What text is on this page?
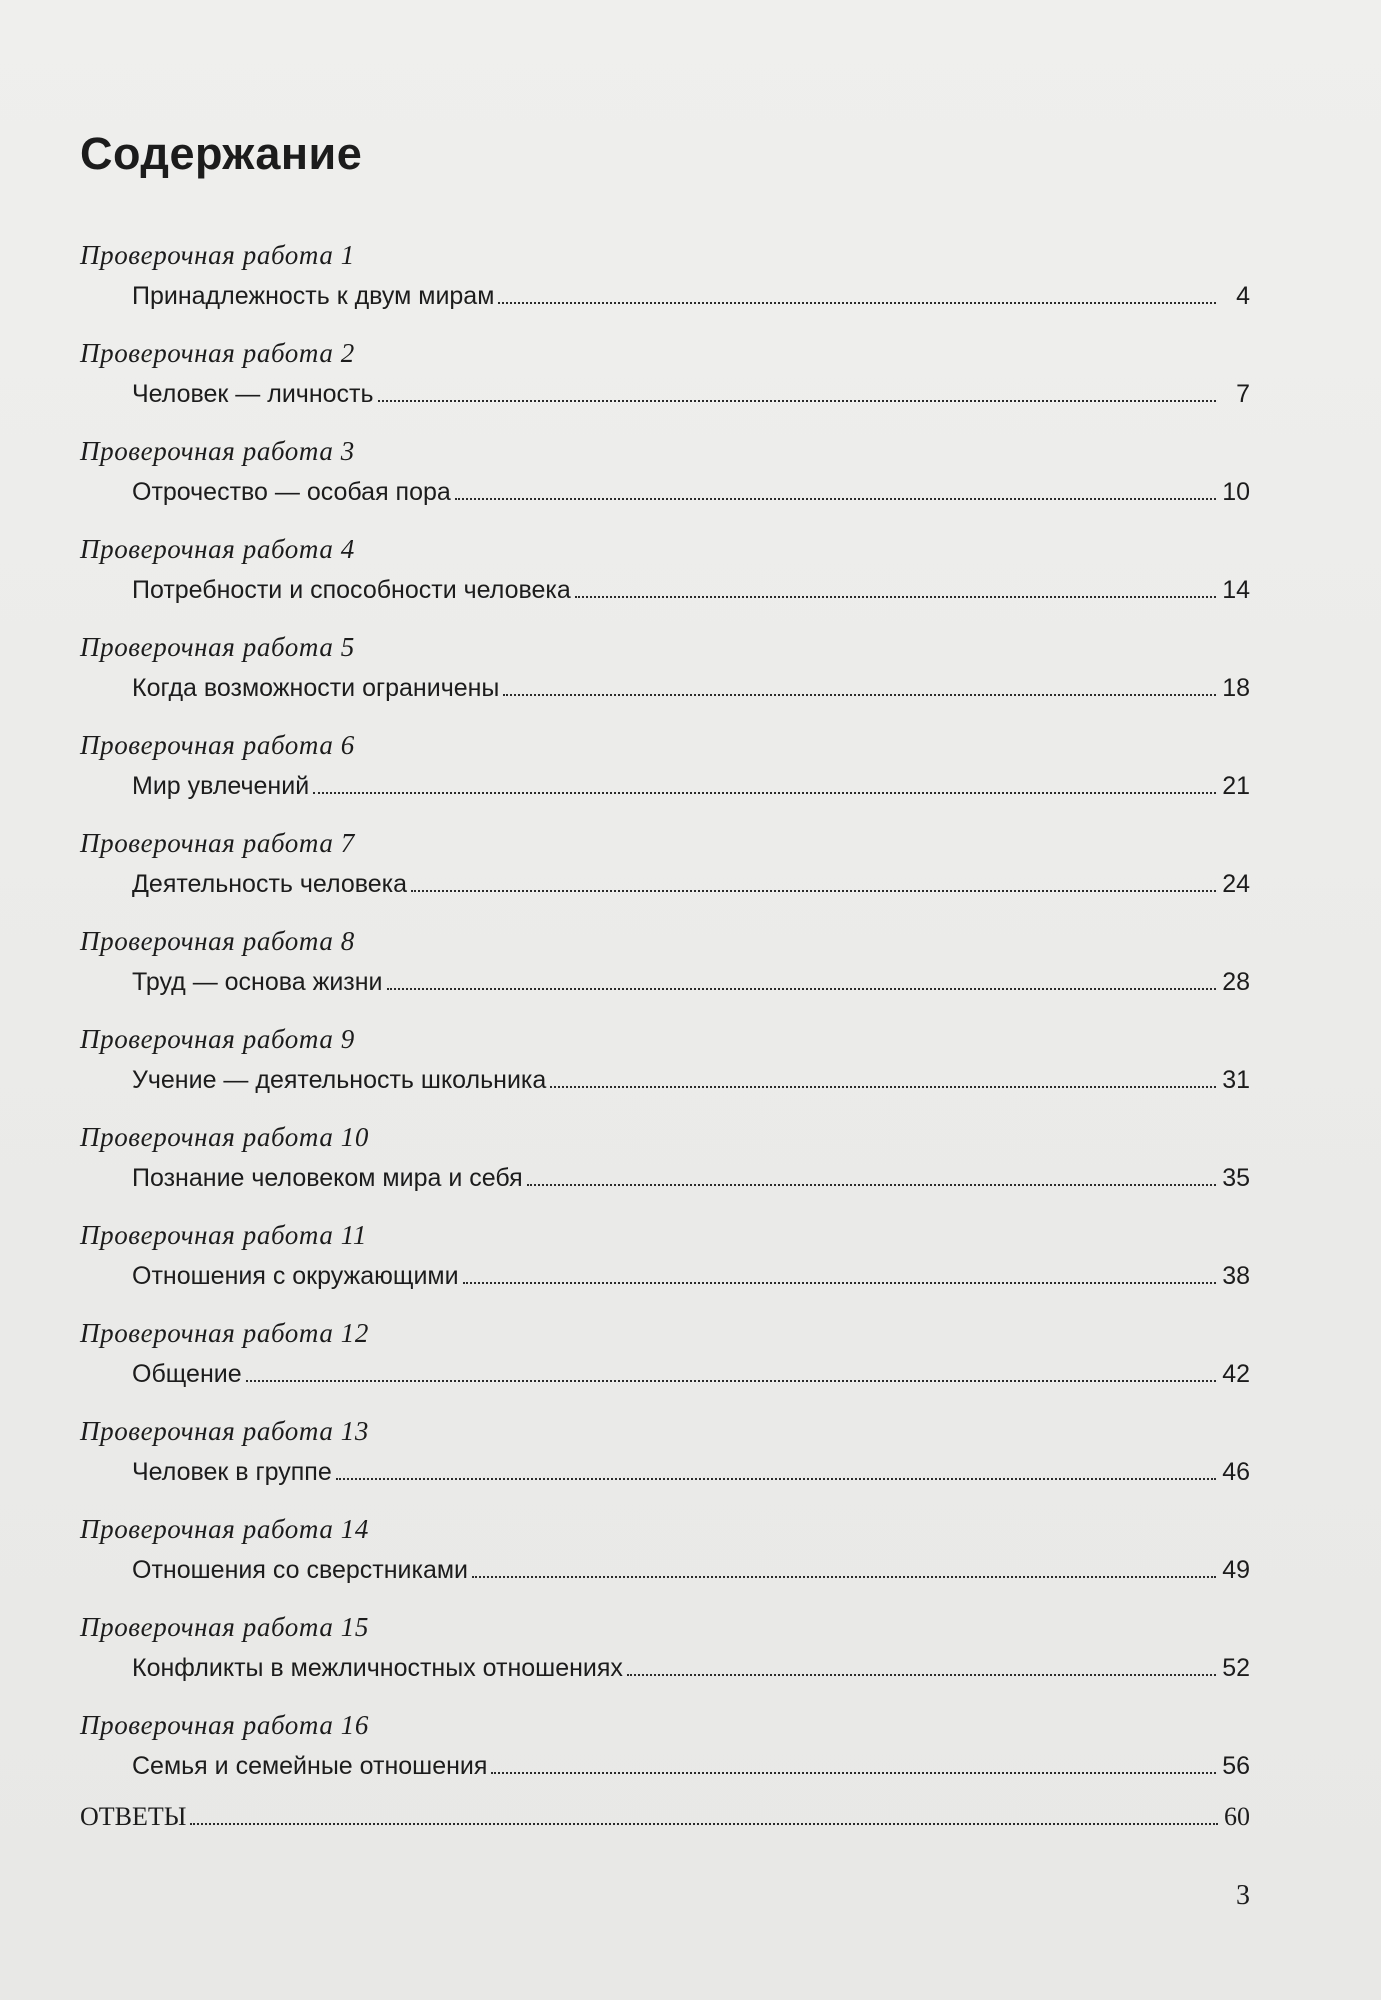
Содержание
Проверочная работа 1
Принадлежность к двум мирам	4
Проверочная работа 2
Человек — личность	7
Проверочная работа 3
Отрочество — особая пора	10
Проверочная работа 4
Потребности и способности человека	14
Проверочная работа 5
Когда возможности ограничены	18
Проверочная работа 6
Мир увлечений	21
Проверочная работа 7
Деятельность человека	24
Проверочная работа 8
Труд — основа жизни	28
Проверочная работа 9
Учение — деятельность школьника	31
Проверочная работа 10
Познание человеком мира и себя	35
Проверочная работа 11
Отношения с окружающими	38
Проверочная работа 12
Общение	42
Проверочная работа 13
Человек в группе	46
Проверочная работа 14
Отношения со сверстниками	49
Проверочная работа 15
Конфликты в межличностных отношениях	52
Проверочная работа 16
Семья и семейные отношения	56
ОТВЕТЫ	60
3
